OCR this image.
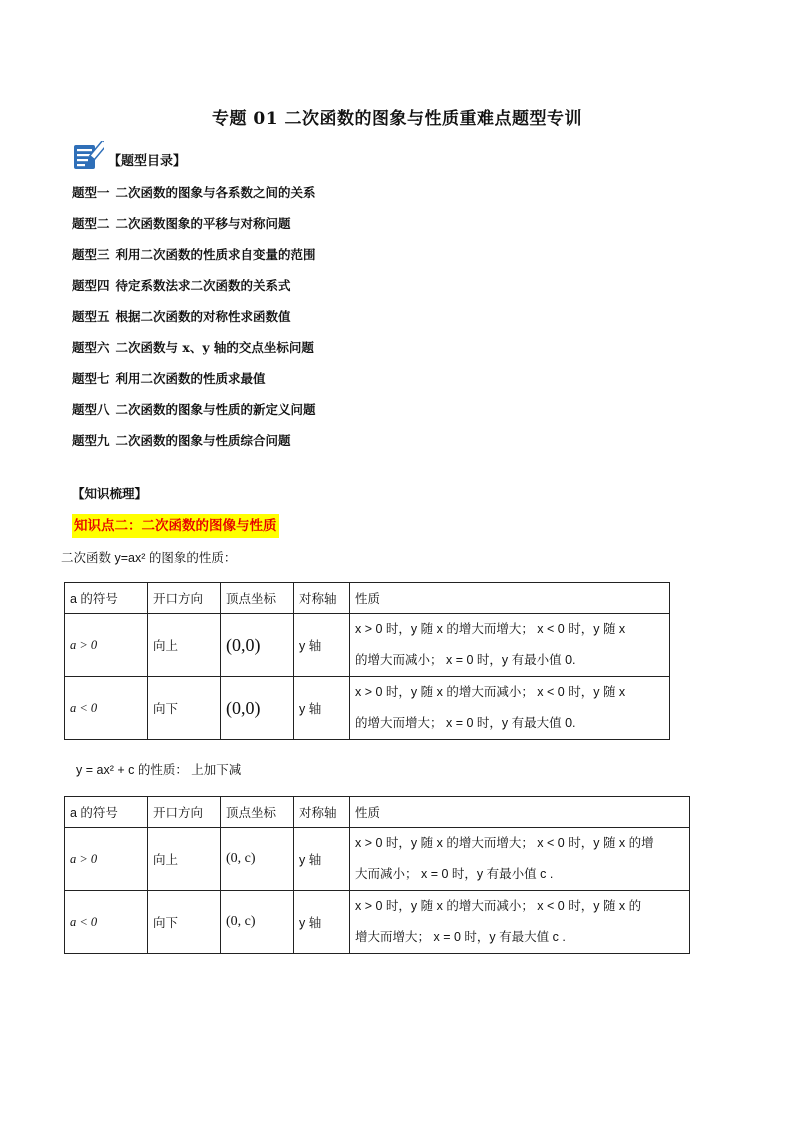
专题 01 二次函数的图象与性质重难点题型专训
【题型目录】
题型一 二次函数的图象与各系数之间的关系
题型二 二次函数图象的平移与对称问题
题型三 利用二次函数的性质求自变量的范围
题型四 待定系数法求二次函数的关系式
题型五 根据二次函数的对称性求函数值
题型六 二次函数与 x、y 轴的交点坐标问题
题型七 利用二次函数的性质求最值
题型八 二次函数的图象与性质的新定义问题
题型九 二次函数的图象与性质综合问题
【知识梳理】
知识点二：二次函数的图像与性质
二次函数 y=ax² 的图象的性质：
a 的符号	开口方向	顶点坐标	对称轴	性质
a > 0	向上	(0,0)	y 轴	x > 0 时，y 随 x 的增大而增大； x < 0 时，y 随 x
的增大而减小； x = 0 时，y 有最小值 0.

a < 0	向下	(0,0)	y 轴	x > 0 时，y 随 x 的增大而减小； x < 0 时，y 随 x
的增大而增大； x = 0 时，y 有最大值 0.
y = ax² + c 的性质： 上加下减
a 的符号	开口方向	顶点坐标	对称轴	性质
a > 0	向上	(0, c)	y 轴	x > 0 时，y 随 x 的增大而增大； x < 0 时，y 随 x 的增
大而减小； x = 0 时，y 有最小值 c .

a < 0	向下	(0, c)	y 轴	x > 0 时，y 随 x 的增大而减小； x < 0 时，y 随 x 的
增大而增大； x = 0 时，y 有最大值 c .
